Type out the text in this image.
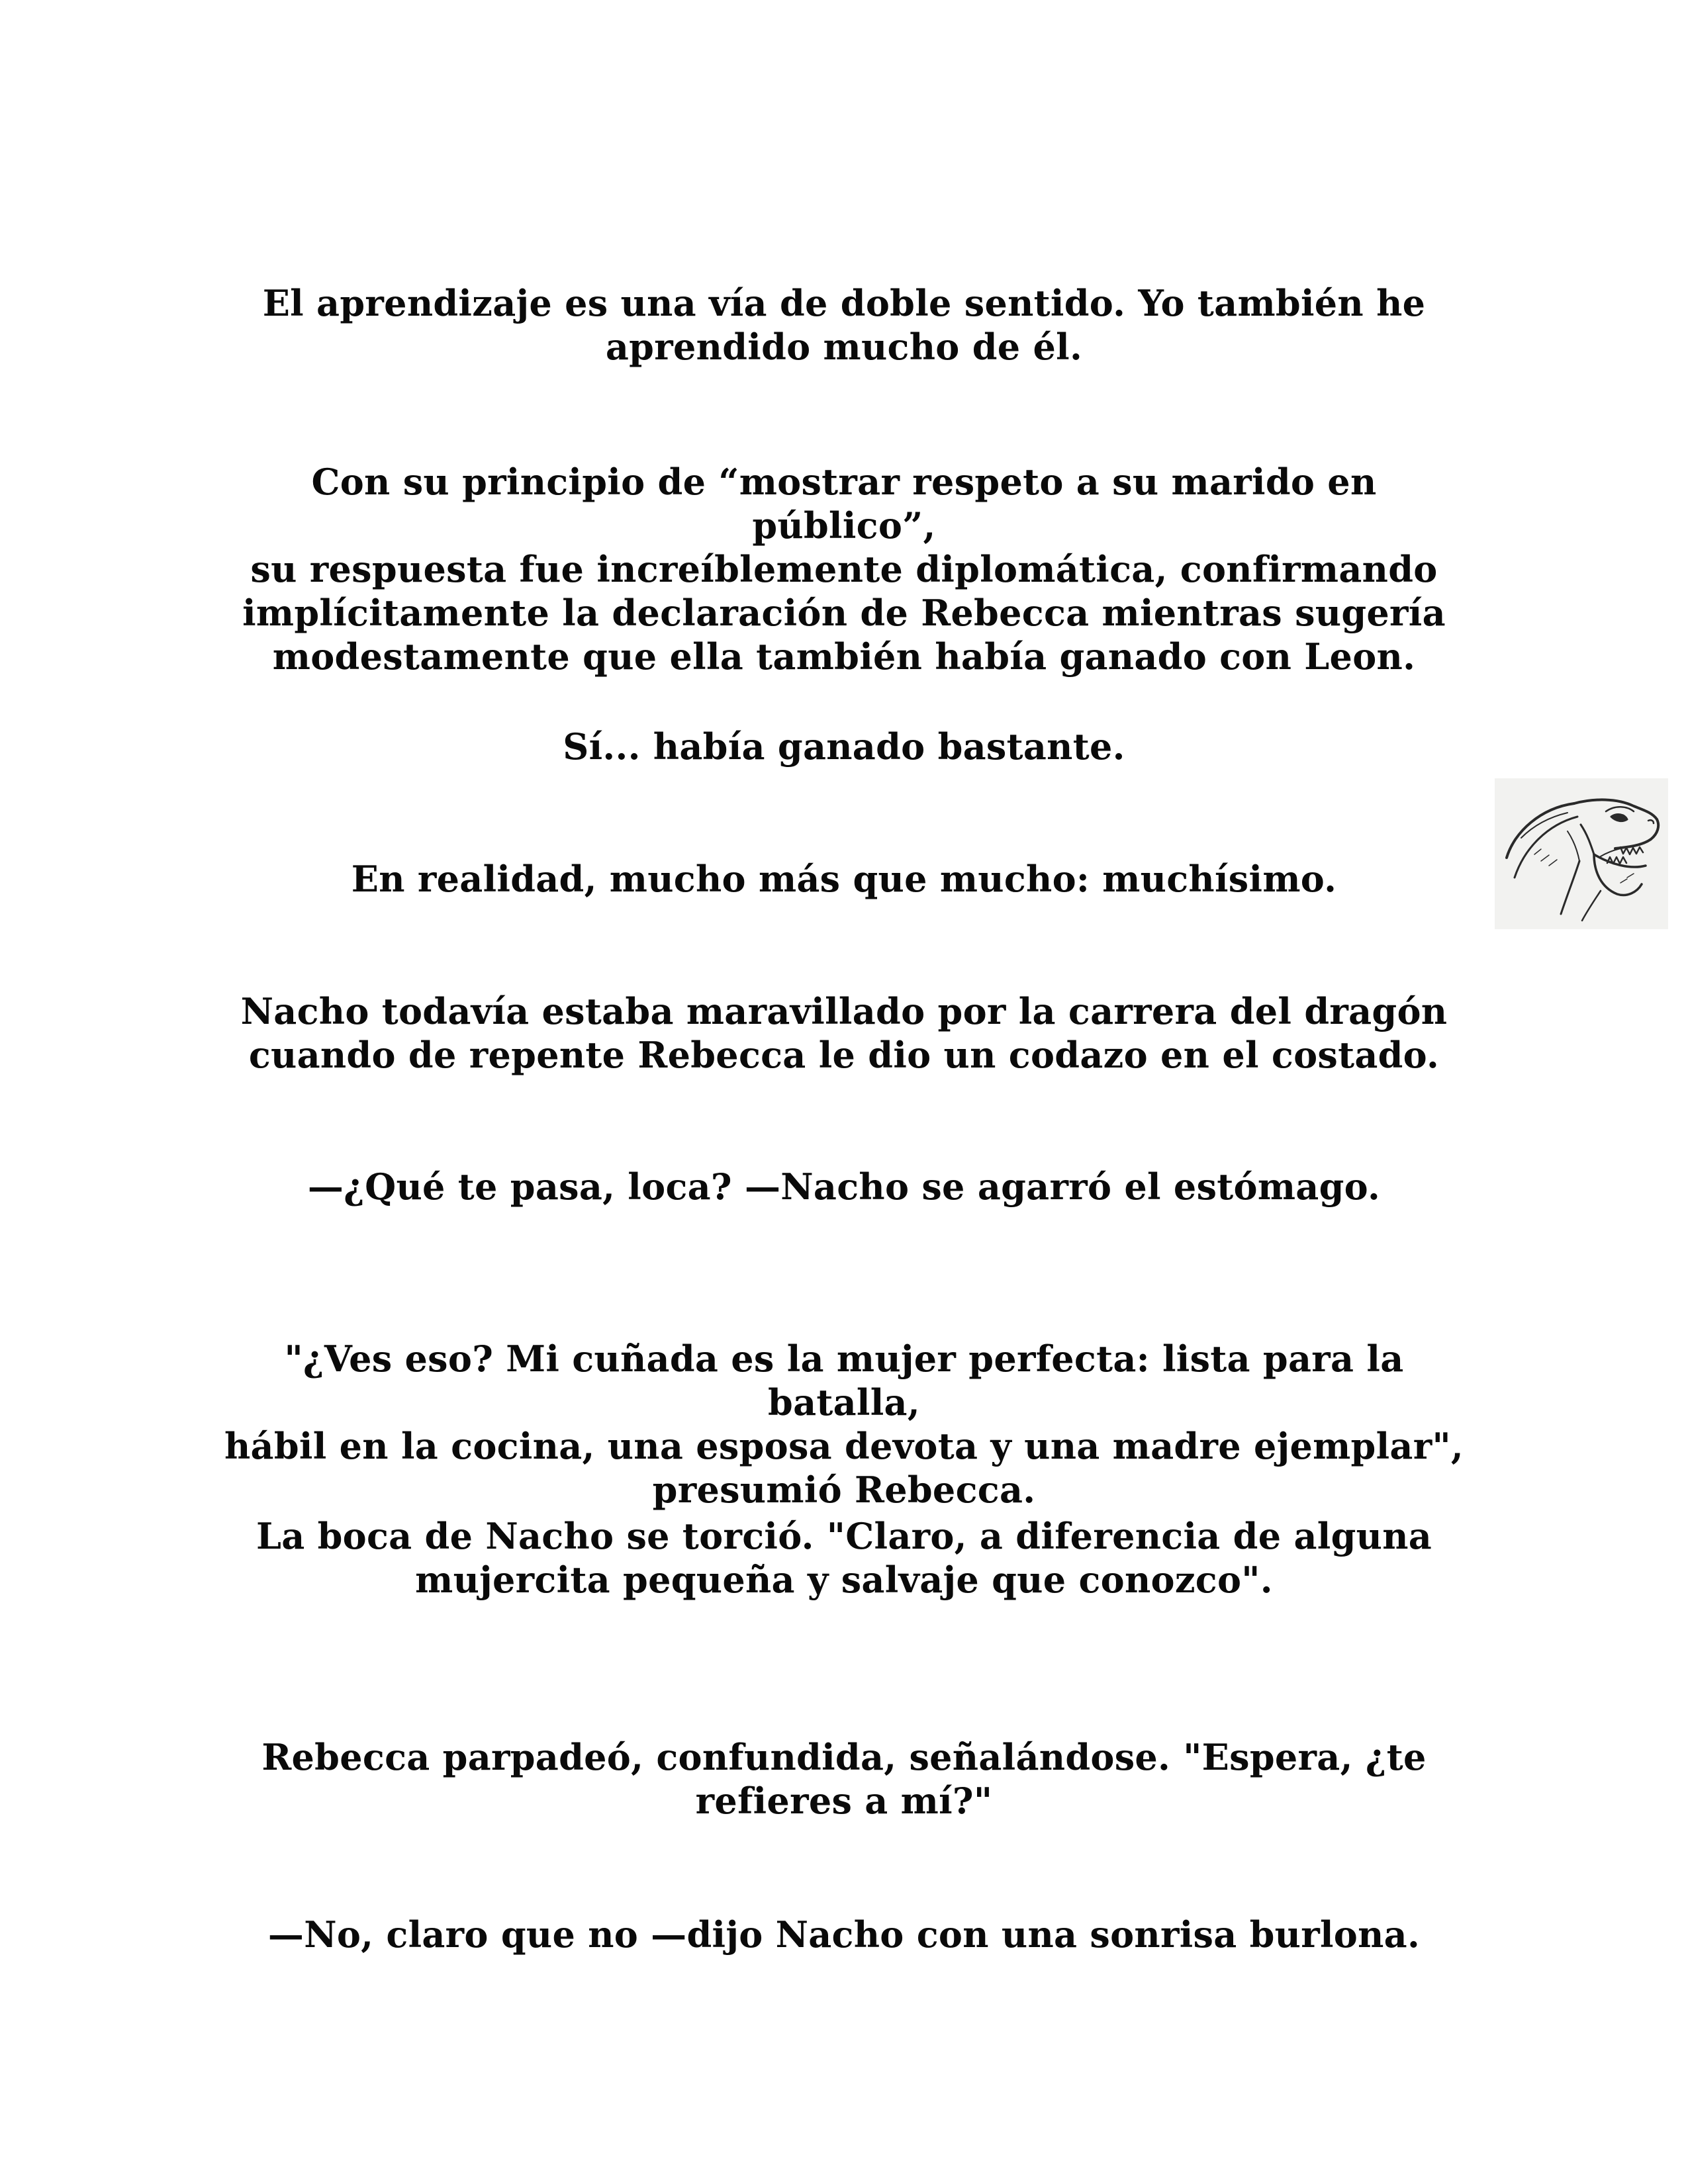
El aprendizaje es una vía de doble sentido. Yo también he
aprendido mucho de él.
Con su principio de “mostrar respeto a su marido en público”,
su respuesta fue increíblemente diplomática, confirmando
implícitamente la declaración de Rebecca mientras sugería
modestamente que ella también había ganado con Leon.
Sí... había ganado bastante.
En realidad, mucho más que mucho: muchísimo.
Nacho todavía estaba maravillado por la carrera del dragón
cuando de repente Rebecca le dio un codazo en el costado.
—¿Qué te pasa, loca? —Nacho se agarró el estómago.
"¿Ves eso? Mi cuñada es la mujer perfecta: lista para la batalla,
hábil en la cocina, una esposa devota y una madre ejemplar",
presumió Rebecca.
La boca de Nacho se torció. "Claro, a diferencia de alguna
mujercita pequeña y salvaje que conozco".
Rebecca parpadeó, confundida, señalándose. "Espera, ¿te
refieres a mí?"
—No, claro que no —dijo Nacho con una sonrisa burlona.
